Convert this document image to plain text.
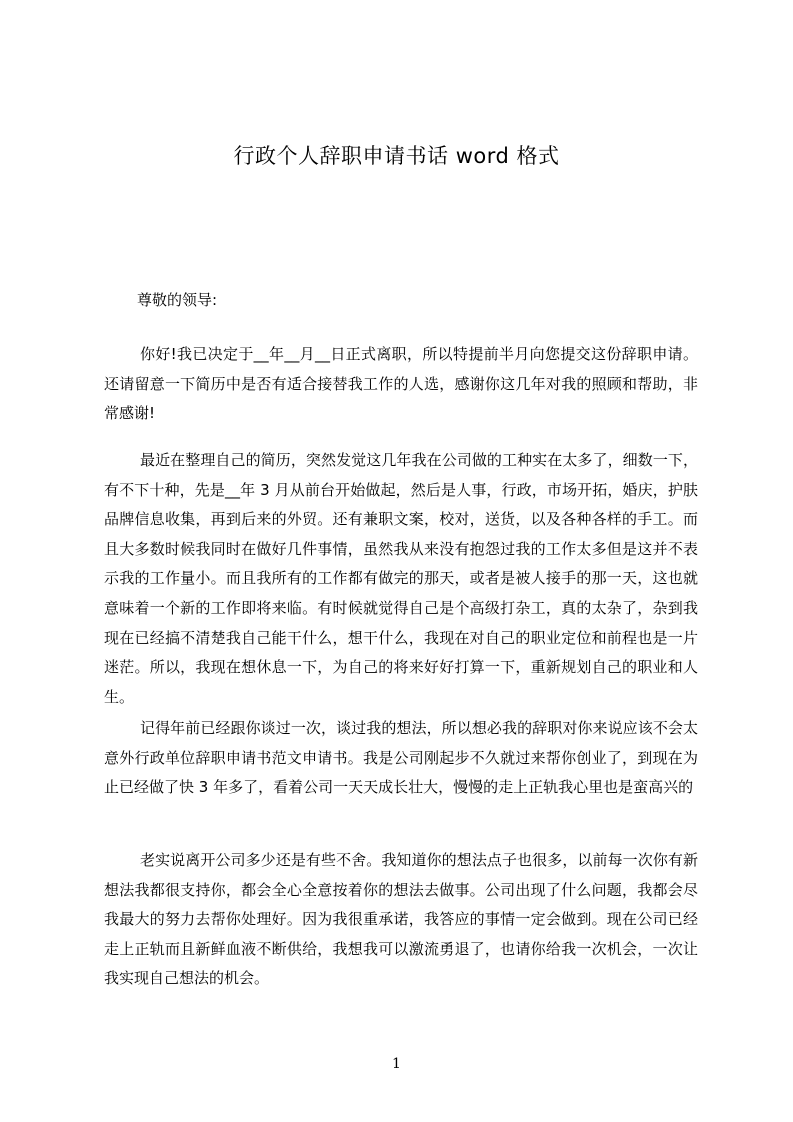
行政个人辞职申请书话 word 格式
尊敬的领导:

你好!我已决定于__年__月__日正式离职，所以特提前半月向您提交这份辞职申请。还请留意一下简历中是否有适合接替我工作的人选，感谢你这几年对我的照顾和帮助，非常感谢!

最近在整理自己的简历，突然发觉这几年我在公司做的工种实在太多了，细数一下，有不下十种，先是__年 3 月从前台开始做起，然后是人事，行政，市场开拓，婚庆，护肤品牌信息收集，再到后来的外贸。还有兼职文案，校对，送货，以及各种各样的手工。而且大多数时候我同时在做好几件事情，虽然我从来没有抱怨过我的工作太多但是这并不表示我的工作量小。而且我所有的工作都有做完的那天，或者是被人接手的那一天，这也就意味着一个新的工作即将来临。有时候就觉得自己是个高级打杂工，真的太杂了，杂到我现在已经搞不清楚我自己能干什么，想干什么，我现在对自己的职业定位和前程也是一片迷茫。所以，我现在想休息一下，为自己的将来好好打算一下，重新规划自己的职业和人生。

记得年前已经跟你谈过一次，谈过我的想法，所以想必我的辞职对你来说应该不会太意外行政单位辞职申请书范文申请书。我是公司刚起步不久就过来帮你创业了，到现在为止已经做了快 3 年多了，看着公司一天天成长壮大，慢慢的走上正轨我心里也是蛮高兴的

老实说离开公司多少还是有些不舍。我知道你的想法点子也很多，以前每一次你有新想法我都很支持你，都会全心全意按着你的想法去做事。公司出现了什么问题，我都会尽我最大的努力去帮你处理好。因为我很重承诺，我答应的事情一定会做到。现在公司已经走上正轨而且新鲜血液不断供给，我想我可以激流勇退了，也请你给我一次机会，一次让我实现自己想法的机会。

1
